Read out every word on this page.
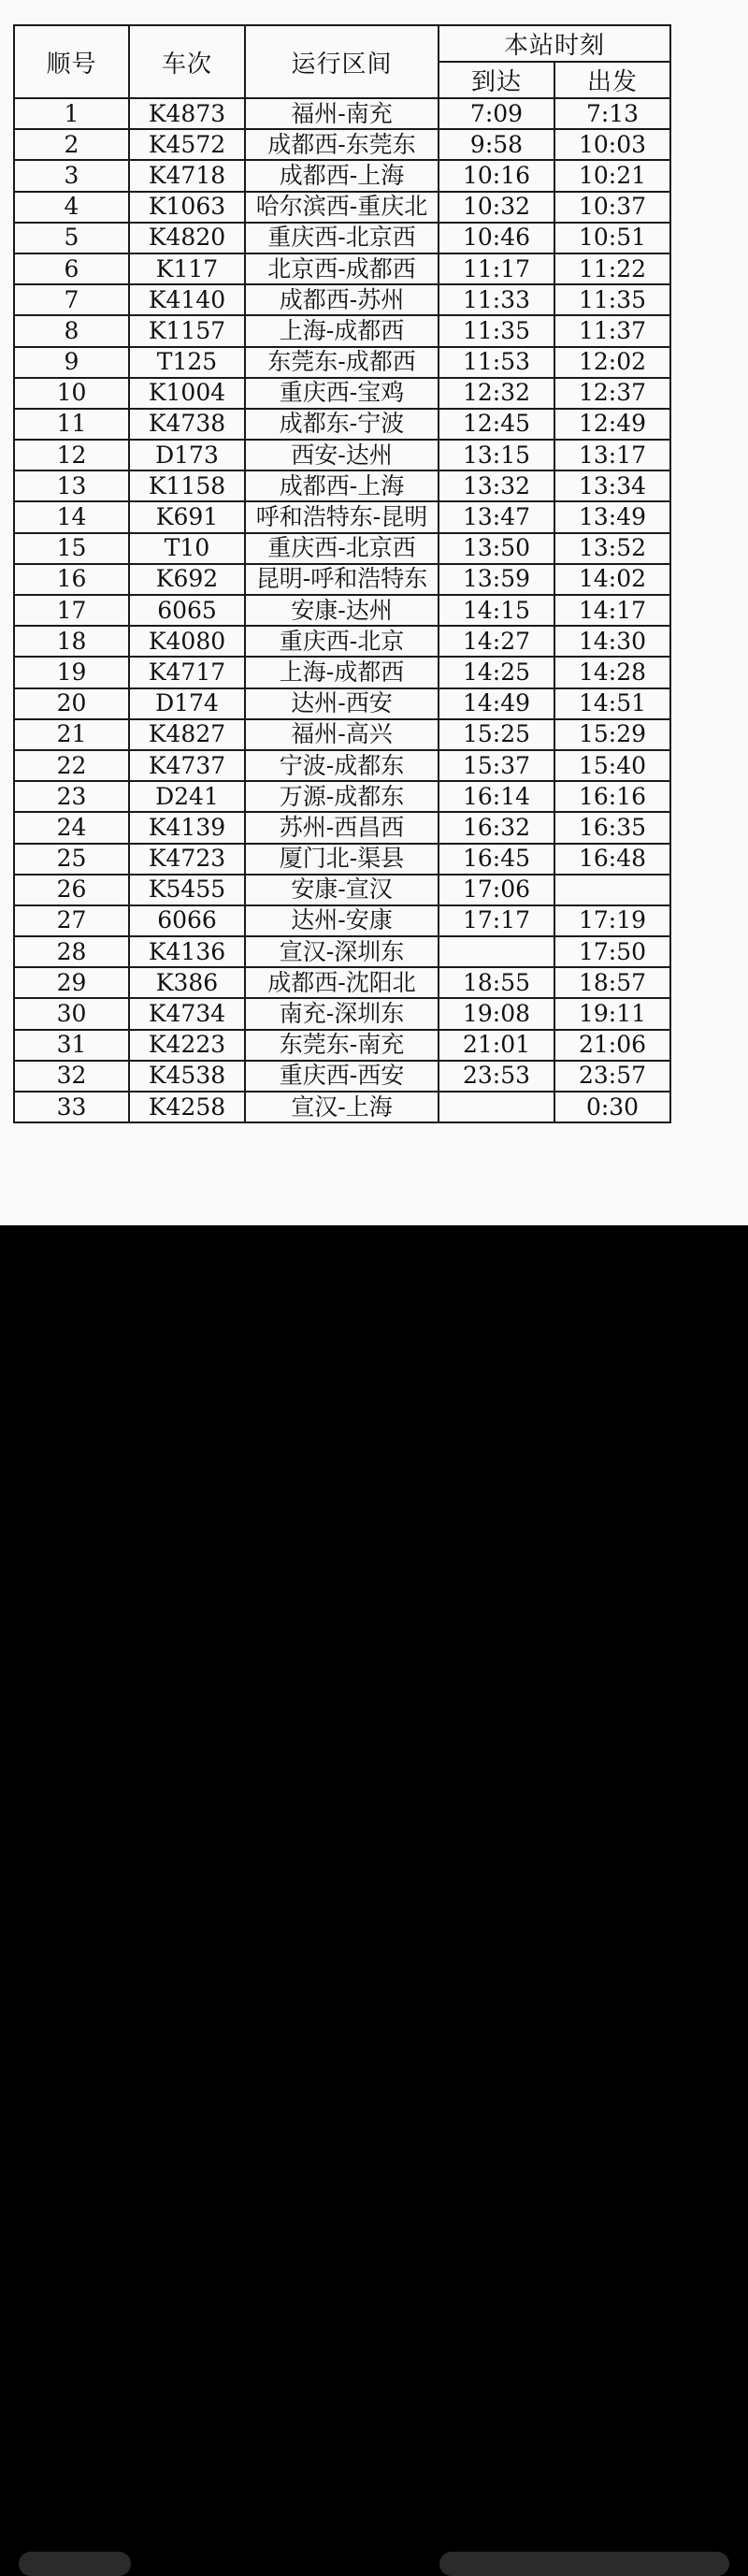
顺号	车次	运行区间	本站时刻	
			到达	出发
1	K4873	福州-南充	7:09	7:13
2	K4572	成都西-东莞东	9:58	10:03
3	K4718	成都西-上海	10:16	10:21
4	K1063	哈尔滨西-重庆北	10:32	10:37
5	K4820	重庆西-北京西	10:46	10:51
6	K117	北京西-成都西	11:17	11:22
7	K4140	成都西-苏州	11:33	11:35
8	K1157	上海-成都西	11:35	11:37
9	T125	东莞东-成都西	11:53	12:02
10	K1004	重庆西-宝鸡	12:32	12:37
11	K4738	成都东-宁波	12:45	12:49
12	D173	西安-达州	13:15	13:17
13	K1158	成都西-上海	13:32	13:34
14	K691	呼和浩特东-昆明	13:47	13:49
15	T10	重庆西-北京西	13:50	13:52
16	K692	昆明-呼和浩特东	13:59	14:02
17	6065	安康-达州	14:15	14:17
18	K4080	重庆西-北京	14:27	14:30
19	K4717	上海-成都西	14:25	14:28
20	D174	达州-西安	14:49	14:51
21	K4827	福州-高兴	15:25	15:29
22	K4737	宁波-成都东	15:37	15:40
23	D241	万源-成都东	16:14	16:16
24	K4139	苏州-西昌西	16:32	16:35
25	K4723	厦门北-渠县	16:45	16:48
26	K5455	安康-宣汉	17:06	
27	6066	达州-安康	17:17	17:19
28	K4136	宣汉-深圳东		17:50
29	K386	成都西-沈阳北	18:55	18:57
30	K4734	南充-深圳东	19:08	19:11
31	K4223	东莞东-南充	21:01	21:06
32	K4538	重庆西-西安	23:53	23:57
33	K4258	宣汉-上海		0:30
